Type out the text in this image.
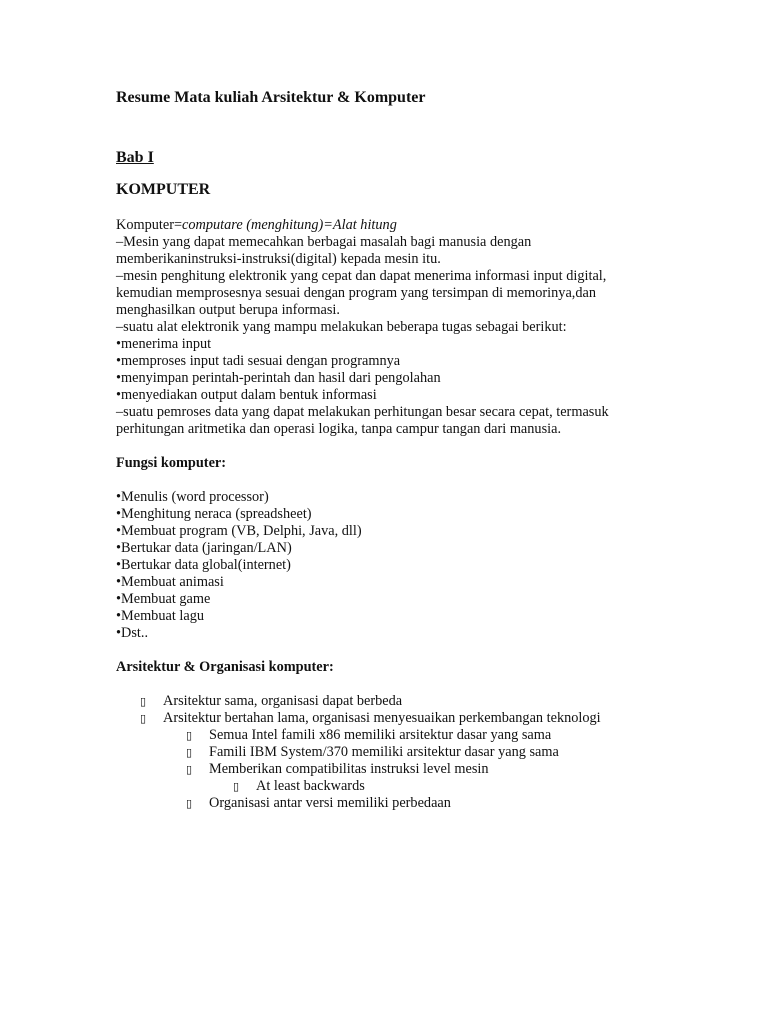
Resume Mata kuliah Arsitektur & Komputer
Bab I
KOMPUTER
Komputer=computare (menghitung)=Alat hitung
–Mesin yang dapat memecahkan berbagai masalah bagi manusia dengan
memberikaninstruksi-instruksi(digital) kepada mesin itu.
–mesin penghitung elektronik yang cepat dan dapat menerima informasi input digital,
kemudian memprosesnya sesuai dengan program yang tersimpan di memorinya,dan
menghasilkan output berupa informasi.
–suatu alat elektronik yang mampu melakukan beberapa tugas sebagai berikut:
•menerima input
•memproses input tadi sesuai dengan programnya
•menyimpan perintah-perintah dan hasil dari pengolahan
•menyediakan output dalam bentuk informasi
–suatu pemroses data yang dapat melakukan perhitungan besar secara cepat, termasuk
perhitungan aritmetika dan operasi logika, tanpa campur tangan dari manusia.
Fungsi komputer:
•Menulis (word processor)
•Menghitung neraca (spreadsheet)
•Membuat program (VB, Delphi, Java, dll)
•Bertukar data (jaringan/LAN)
•Bertukar data global(internet)
•Membuat animasi
•Membuat game
•Membuat lagu
•Dst..
Arsitektur & Organisasi komputer:
▯ Arsitektur sama, organisasi dapat berbeda
▯ Arsitektur bertahan lama, organisasi menyesuaikan perkembangan teknologi
▯ Semua Intel famili x86 memiliki arsitektur dasar yang sama
▯ Famili IBM System/370 memiliki arsitektur dasar yang sama
▯ Memberikan compatibilitas instruksi level mesin
▯ At least backwards
▯ Organisasi antar versi memiliki perbedaan
